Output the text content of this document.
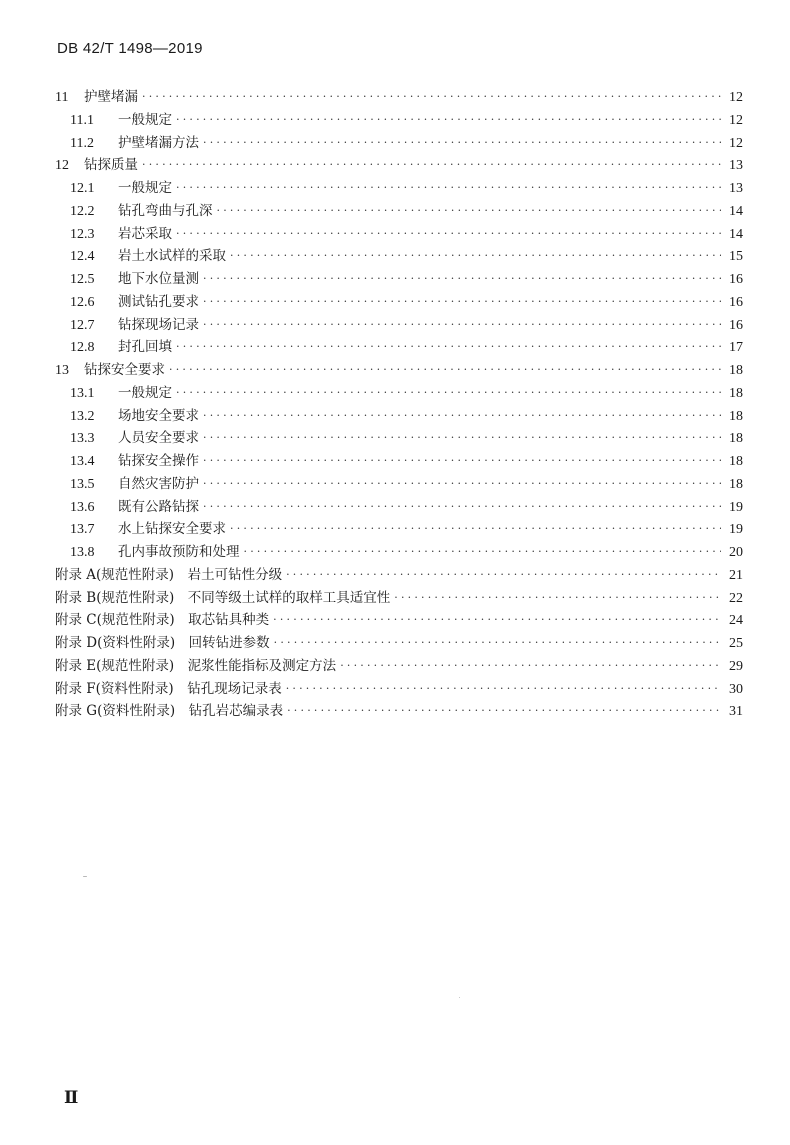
DB 42/T 1498—2019
11	护壁堵漏 ·····	12
11.1	一般规定 ·····	12
11.2	护壁堵漏方法 ·····	12
12	钻探质量 ·····	13
12.1	一般规定 ·····	13
12.2	钻孔弯曲与孔深 ·····	14
12.3	岩芯采取 ·····	14
12.4	岩土水试样的采取 ·····	15
12.5	地下水位量测 ·····	16
12.6	测试钻孔要求 ·····	16
12.7	钻探现场记录 ·····	16
12.8	封孔回填 ·····	17
13	钻探安全要求 ·····	18
13.1	一般规定 ·····	18
13.2	场地安全要求 ·····	18
13.3	人员安全要求 ·····	18
13.4	钻探安全操作 ·····	18
13.5	自然灾害防护 ·····	18
13.6	既有公路钻探 ·····	19
13.7	水上钻探安全要求 ·····	19
13.8	孔内事故预防和处理 ·····	20
附录 A(规范性附录)　岩土可钻性分级 ·····	21
附录 B(规范性附录)　不同等级土试样的取样工具适宜性 ·····	22
附录 C(规范性附录)　取芯钻具种类 ·····	24
附录 D(资料性附录)　回转钻进参数 ·····	25
附录 E(规范性附录)　泥浆性能指标及测定方法 ·····	29
附录 F(资料性附录)　钻孔现场记录表 ·····	30
附录 G(资料性附录)　钻孔岩芯编录表 ·····	31
Ⅱ
